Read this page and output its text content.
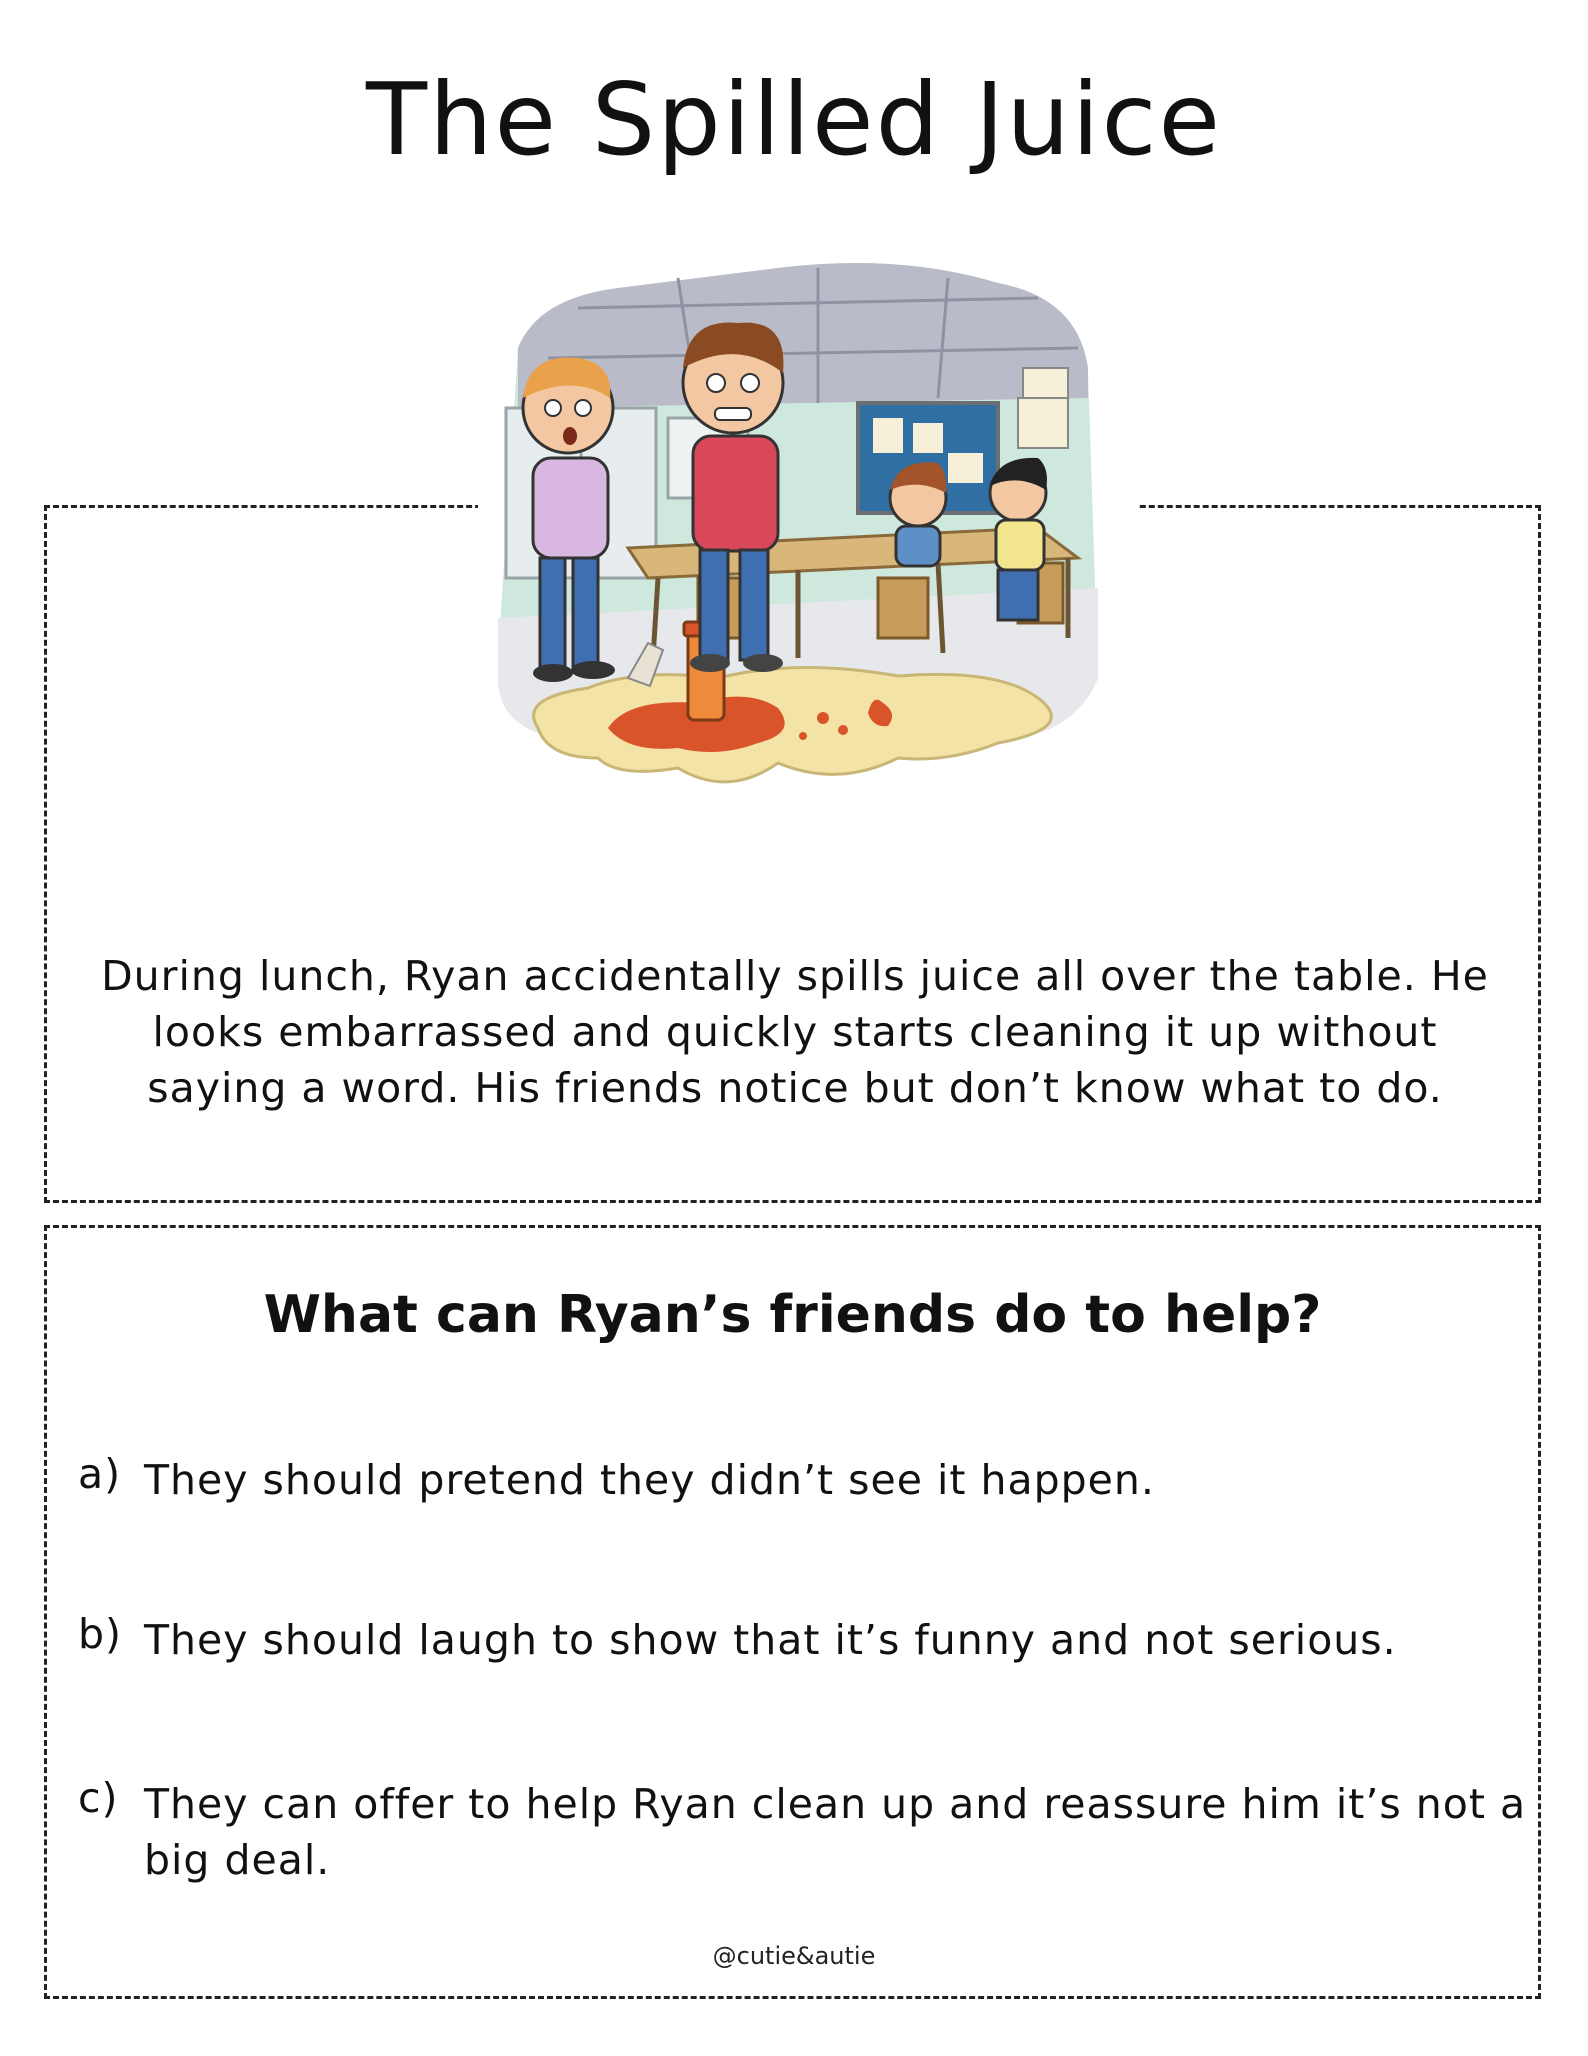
The Spilled Juice
During lunch, Ryan accidentally spills juice all over the table. He looks embarrassed and quickly starts cleaning it up without saying a word. His friends notice but don’t know what to do.
What can Ryan’s friends do to help?
a) They should pretend they didn’t see it happen.
b) They should laugh to show that it’s funny and not serious.
c) They can offer to help Ryan clean up and reassure him it’s not a big deal.
@cutie&autie
